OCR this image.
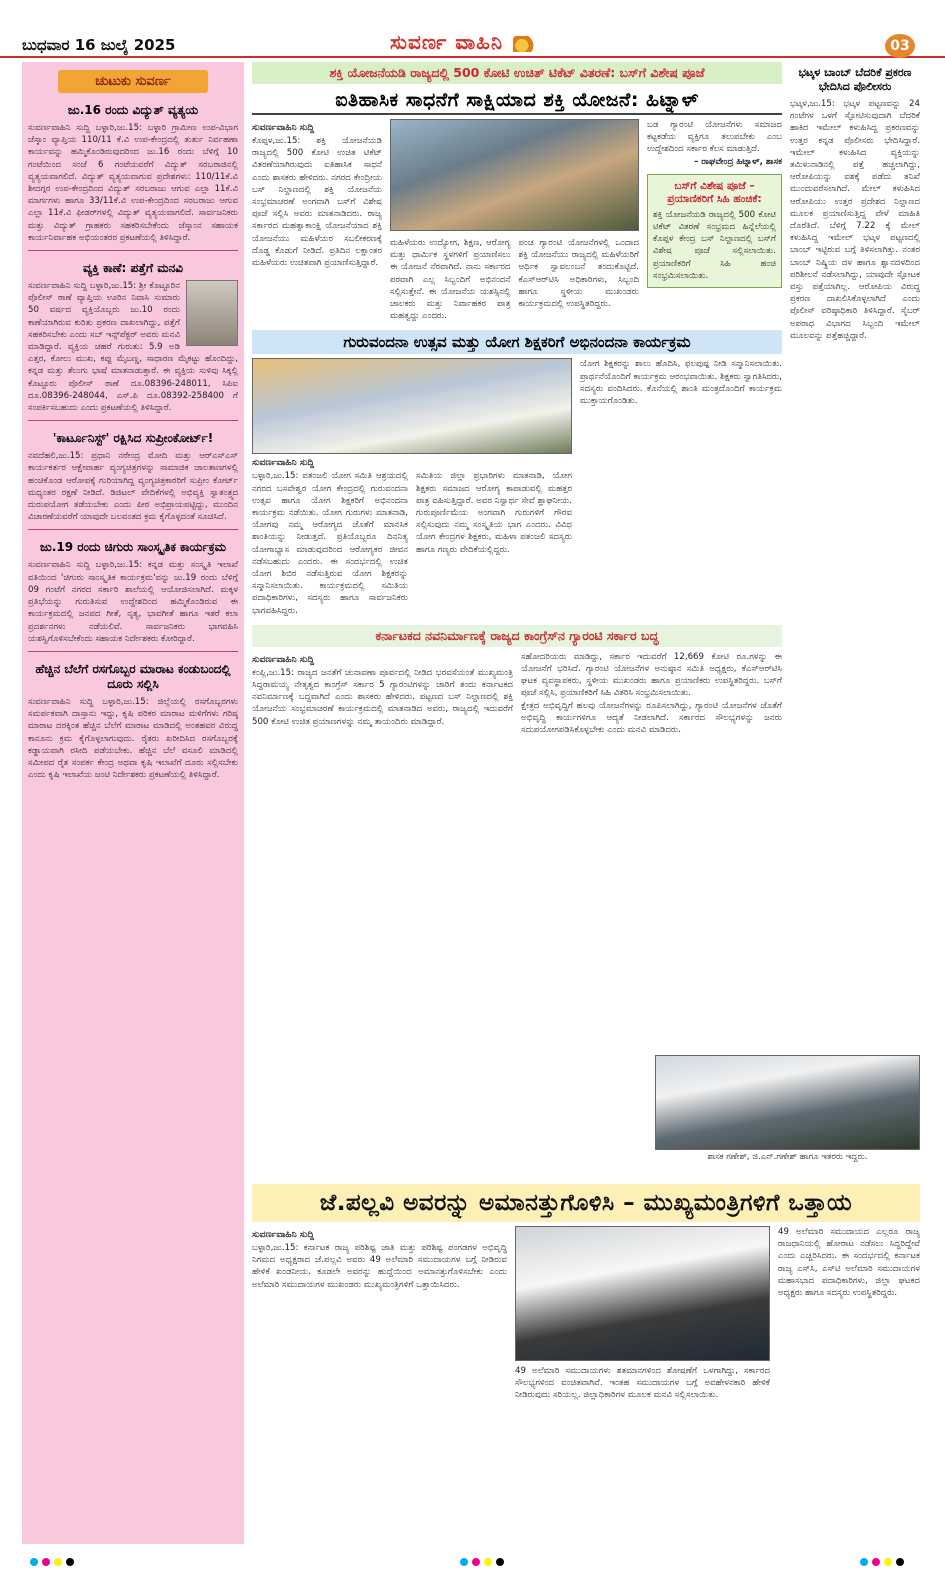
ಬುಧವಾರ 16 ಜುಲೈ 2025	ಸುವರ್ಣ ವಾಹಿನಿ	03
ಚುಟುಕು ಸುವರ್ಣ
ಜು.16 ರಂದು ವಿದ್ಯುತ್ ವ್ಯತ್ಯಯ

ಸುವರ್ಣವಾಹಿನಿ ಸುದ್ದಿ ಬಳ್ಳಾರಿ,ಜು.15: ಬಳ್ಳಾರಿ ಗ್ರಾಮೀಣ ಉಪ-ವಿಭಾಗ ಜೆಸ್ಕಾಂ ವ್ಯಾಪ್ತಿಯ 110/11 ಕೆ.ವಿ ಉಪ-ಕೇಂದ್ರದಲ್ಲಿ ತುರ್ತು ನಿರ್ವಹಣಾ ಕಾರ್ಯವನ್ನು ಹಮ್ಮಿಕೊಂಡಿರುವುದರಿಂದ ಜು.16 ರಂದು ಬೆಳಿಗ್ಗೆ 10 ಗಂಟೆಯಿಂದ ಸಂಜೆ 6 ಗಂಟೆಯವರೆಗೆ ವಿದ್ಯುತ್ ಸರಬರಾಜಿನಲ್ಲಿ ವ್ಯತ್ಯಯವಾಗಲಿದೆ. ವಿದ್ಯುತ್ ವ್ಯತ್ಯಯವಾಗುವ ಪ್ರದೇಶಗಳು: 110/11ಕೆ.ವಿ ಶೀದಗ್ಗರ ಉಪ-ಕೇಂದ್ರದಿಂದ ವಿದ್ಯುತ್ ಸರಬರಾಜು ಆಗುವ ಎಲ್ಲಾ 11ಕೆ.ವಿ ಮಾರ್ಗಗಳು ಹಾಗೂ 33/11ಕೆ.ವಿ ಉಪ-ಕೇಂದ್ರದಿಂದ ಸರಬರಾಜು ಆಗುವ ಎಲ್ಲಾ 11ಕೆ.ವಿ ಫೀಡರ್‌ಗಳಲ್ಲಿ ವಿದ್ಯುತ್ ವ್ಯತ್ಯಯವಾಗಲಿದೆ. ಸಾರ್ವಜನಿಕರು ಮತ್ತು ವಿದ್ಯುತ್ ಗ್ರಾಹಕರು ಸಹಕರಿಸಬೇಕೆಂದು ಜೆಸ್ಕಾಂನ ಸಹಾಯಕ ಕಾರ್ಯನಿರ್ವಾಹಕ ಅಭಿಯಂತರರ ಪ್ರಕಟಣೆಯಲ್ಲಿ ತಿಳಿಸಿದ್ದಾರೆ.

ವ್ಯಕ್ತಿ ಕಾಣೆ: ಪತ್ತೆಗೆ ಮನವಿ

ಸುವರ್ಣವಾಹಿನಿ ಸುದ್ದಿ ಬಳ್ಳಾರಿ,ಜು.15: ಶ್ರೀ ಕೊಟ್ಟೂರಿನ ಪೊಲೀಸ್ ಠಾಣೆ ವ್ಯಾಪ್ತಿಯ ಊರಿನ ನಿವಾಸಿ ಸುಮಾರು 50 ವರ್ಷದ ವ್ಯಕ್ತಿಯೊಬ್ಬರು ಜು.10 ರಂದು ಕಾಣೆಯಾಗಿರುವ ಕುರಿತು ಪ್ರಕರಣ ದಾಖಲಾಗಿದ್ದು, ಪತ್ತೆಗೆ ಸಹಕರಿಸಬೇಕು ಎಂದು ಸಬ್ ಇನ್ಸ್‌ಪೆಕ್ಟರ್ ಅವರು ಮನವಿ ಮಾಡಿದ್ದಾರೆ. ವ್ಯಕ್ತಿಯ ಚಹರೆ ಗುರುತು: 5.9 ಅಡಿ ಎತ್ತರ, ಕೋಲು ಮುಖ, ಕಪ್ಪು ಮೈಬಣ್ಣ, ಸಾಧಾರಣ ಮೈಕಟ್ಟು ಹೊಂದಿದ್ದು, ಕನ್ನಡ ಮತ್ತು ತೆಲುಗು ಭಾಷೆ ಮಾತನಾಡುತ್ತಾರೆ. ಈ ವ್ಯಕ್ತಿಯ ಸುಳಿವು ಸಿಕ್ಕಲ್ಲಿ ಕೊಟ್ಟೂರು ಪೊಲೀಸ್ ಠಾಣೆ ದೂ.08396-248011, ಸಿಪಿಐ ದೂ.08396-248044, ಎಸ್.ಪಿ ದೂ.08392-258400 ಗೆ ಸಂಪರ್ಕಿಸಬಹುದು ಎಂದು ಪ್ರಕಟಣೆಯಲ್ಲಿ ತಿಳಿಸಿದ್ದಾರೆ.

'ಕಾರ್ಟೂನಿಸ್ಟ್' ರಕ್ಷಿಸಿದ ಸುಪ್ರೀಂಕೋರ್ಟ್!

ನವದೆಹಲಿ,ಜು.15: ಪ್ರಧಾನಿ ನರೇಂದ್ರ ಮೋದಿ ಮತ್ತು ಆರ್‌ಎಸ್‌ಎಸ್ ಕಾರ್ಯಕರ್ತರ ಆಕ್ಷೇಪಾರ್ಹ ವ್ಯಂಗ್ಯಚಿತ್ರಗಳನ್ನು ಸಾಮಾಜಿಕ ಜಾಲತಾಣಗಳಲ್ಲಿ ಹಂಚಿಕೊಂಡ ಆರೋಪಕ್ಕೆ ಗುರಿಯಾಗಿದ್ದ ವ್ಯಂಗ್ಯಚಿತ್ರಕಾರರಿಗೆ ಸುಪ್ರೀಂ ಕೋರ್ಟ್ ಮಧ್ಯಂತರ ರಕ್ಷಣೆ ನೀಡಿದೆ. ಡಿಜಿಟಲ್ ವೇದಿಕೆಗಳಲ್ಲಿ ಅಭಿವ್ಯಕ್ತಿ ಸ್ವಾತಂತ್ರ್ಯದ ದುರುಪಯೋಗ ತಡೆಯಬೇಕು ಎಂದು ಪೀಠ ಅಭಿಪ್ರಾಯಪಟ್ಟಿದ್ದು, ಮುಂದಿನ ವಿಚಾರಣೆಯವರೆಗೆ ಯಾವುದೇ ಬಲವಂತದ ಕ್ರಮ ಕೈಗೊಳ್ಳದಂತೆ ಸೂಚಿಸಿದೆ.

ಜು.19 ರಂದು ಚಿಗುರು ಸಾಂಸ್ಕೃತಿಕ ಕಾರ್ಯಕ್ರಮ

ಸುವರ್ಣವಾಹಿನಿ ಸುದ್ದಿ ಬಳ್ಳಾರಿ,ಜು.15: ಕನ್ನಡ ಮತ್ತು ಸಂಸ್ಕೃತಿ ಇಲಾಖೆ ವತಿಯಿಂದ 'ಚಿಗುರು ಸಾಂಸ್ಕೃತಿಕ ಕಾರ್ಯಕ್ರಮ'ವನ್ನು ಜು.19 ರಂದು ಬೆಳಿಗ್ಗೆ 09 ಗಂಟೆಗೆ ನಗರದ ಸರ್ಕಾರಿ ಶಾಲೆಯಲ್ಲಿ ಆಯೋಜಿಸಲಾಗಿದೆ. ಮಕ್ಕಳ ಪ್ರತಿಭೆಯನ್ನು ಗುರುತಿಸುವ ಉದ್ದೇಶದಿಂದ ಹಮ್ಮಿಕೊಂಡಿರುವ ಈ ಕಾರ್ಯಕ್ರಮದಲ್ಲಿ ಜನಪದ ಗೀತೆ, ನೃತ್ಯ, ಭಾವಗೀತೆ ಹಾಗೂ ಇತರೆ ಕಲಾ ಪ್ರದರ್ಶನಗಳು ನಡೆಯಲಿವೆ. ಸಾರ್ವಜನಿಕರು ಭಾಗವಹಿಸಿ ಯಶಸ್ವಿಗೊಳಿಸಬೇಕೆಂದು ಸಹಾಯಕ ನಿರ್ದೇಶಕರು ಕೋರಿದ್ದಾರೆ.

ಹೆಚ್ಚಿನ ಬೆಲೆಗೆ ರಸಗೊಬ್ಬರ ಮಾರಾಟ ಕಂಡುಬಂದಲ್ಲಿ ದೂರು ಸಲ್ಲಿಸಿ

ಸುವರ್ಣವಾಹಿನಿ ಸುದ್ದಿ ಬಳ್ಳಾರಿ,ಜು.15: ಜಿಲ್ಲೆಯಲ್ಲಿ ರಸಗೊಬ್ಬರಗಳು ಸಮರ್ಪಕವಾಗಿ ದಾಸ್ತಾನು ಇದ್ದು, ಕೃಷಿ ಪರಿಕರ ಮಾರಾಟ ಮಳಿಗೆಗಳು ಗರಿಷ್ಠ ಮಾರಾಟ ದರಕ್ಕಿಂತ ಹೆಚ್ಚಿನ ಬೆಲೆಗೆ ಮಾರಾಟ ಮಾಡಿದಲ್ಲಿ ಅಂತಹವರ ವಿರುದ್ಧ ಕಾನೂನು ಕ್ರಮ ಕೈಗೊಳ್ಳಲಾಗುವುದು. ರೈತರು ಖರೀದಿಸಿದ ರಸಗೊಬ್ಬರಕ್ಕೆ ಕಡ್ಡಾಯವಾಗಿ ರಸೀದಿ ಪಡೆಯಬೇಕು. ಹೆಚ್ಚಿನ ಬೆಲೆ ವಸೂಲಿ ಮಾಡಿದಲ್ಲಿ ಸಮೀಪದ ರೈತ ಸಂಪರ್ಕ ಕೇಂದ್ರ ಅಥವಾ ಕೃಷಿ ಇಲಾಖೆಗೆ ದೂರು ಸಲ್ಲಿಸಬೇಕು ಎಂದು ಕೃಷಿ ಇಲಾಖೆಯ ಜಂಟಿ ನಿರ್ದೇಶಕರು ಪ್ರಕಟಣೆಯಲ್ಲಿ ತಿಳಿಸಿದ್ದಾರೆ.

ಶಕ್ತಿ ಯೋಜನೆಯಡಿ ರಾಜ್ಯದಲ್ಲಿ 500 ಕೋಟಿ ಉಚಿತ್ ಟಿಕೆಟ್ ವಿತರಣೆ: ಬಸ್‌ಗೆ ವಿಶೇಷ ಪೂಜೆ
ಐತಿಹಾಸಿಕ ಸಾಧನೆಗೆ ಸಾಕ್ಷಿಯಾದ ಶಕ್ತಿ ಯೋಜನೆ: ಹಿಟ್ನಾಳ್
ಸುವರ್ಣವಾಹಿನಿ ಸುದ್ದಿ

ಕೊಪ್ಪಳ,ಜು.15: ಶಕ್ತಿ ಯೋಜನೆಯಡಿ ರಾಜ್ಯದಲ್ಲಿ 500 ಕೋಟಿ ಉಚಿತ ಟಿಕೆಟ್ ವಿತರಣೆಯಾಗಿರುವುದು ಐತಿಹಾಸಿಕ ಸಾಧನೆ ಎಂದು ಶಾಸಕರು ಹೇಳಿದರು. ನಗರದ ಕೇಂದ್ರೀಯ ಬಸ್ ನಿಲ್ದಾಣದಲ್ಲಿ ಶಕ್ತಿ ಯೋಜನೆಯ ಸಂಭ್ರಮಾಚರಣೆ ಅಂಗವಾಗಿ ಬಸ್‌ಗೆ ವಿಶೇಷ ಪೂಜೆ ಸಲ್ಲಿಸಿ ಅವರು ಮಾತನಾಡಿದರು. ರಾಜ್ಯ ಸರ್ಕಾರದ ಮಹತ್ವಾಕಾಂಕ್ಷಿ ಯೋಜನೆಯಾದ ಶಕ್ತಿ ಯೋಜನೆಯು ಮಹಿಳೆಯರ ಸಬಲೀಕರಣಕ್ಕೆ ದೊಡ್ಡ ಕೊಡುಗೆ ನೀಡಿದೆ. ಪ್ರತಿದಿನ ಲಕ್ಷಾಂತರ ಮಹಿಳೆಯರು ಉಚಿತವಾಗಿ ಪ್ರಯಾಣಿಸುತ್ತಿದ್ದಾರೆ.

ಮಹಿಳೆಯರು ಉದ್ಯೋಗ, ಶಿಕ್ಷಣ, ಆರೋಗ್ಯ ಮತ್ತು ಧಾರ್ಮಿಕ ಸ್ಥಳಗಳಿಗೆ ಪ್ರಯಾಣಿಸಲು ಈ ಯೋಜನೆ ನೆರವಾಗಿದೆ. ನಾನು ಸರ್ಕಾರದ ಪರವಾಗಿ ಎಲ್ಲ ಸಿಬ್ಬಂದಿಗೆ ಅಭಿನಂದನೆ ಸಲ್ಲಿಸುತ್ತೇನೆ. ಈ ಯೋಜನೆಯ ಯಶಸ್ಸಿನಲ್ಲಿ ಚಾಲಕರು ಮತ್ತು ನಿರ್ವಾಹಕರ ಪಾತ್ರ ಮಹತ್ವದ್ದು ಎಂದರು.

ಪಂಚ ಗ್ಯಾರಂಟಿ ಯೋಜನೆಗಳಲ್ಲಿ ಒಂದಾದ ಶಕ್ತಿ ಯೋಜನೆಯು ರಾಜ್ಯದಲ್ಲಿ ಮಹಿಳೆಯರಿಗೆ ಆರ್ಥಿಕ ಸ್ವಾವಲಂಬನೆ ತಂದುಕೊಟ್ಟಿದೆ. ಕೆಎಸ್‌ಆರ್‌ಟಿಸಿ ಅಧಿಕಾರಿಗಳು, ಸಿಬ್ಬಂದಿ ಹಾಗೂ ಸ್ಥಳೀಯ ಮುಖಂಡರು ಕಾರ್ಯಕ್ರಮದಲ್ಲಿ ಉಪಸ್ಥಿತರಿದ್ದರು.

ಬಡ ಗ್ಯಾರಂಟಿ ಯೋಜನೆಗಳು ಸಮಾಜದ ಕಟ್ಟಕಡೆಯ ವ್ಯಕ್ತಿಗೂ ತಲುಪಬೇಕು ಎಂಬ ಉದ್ದೇಶದಿಂದ ಸರ್ಕಾರ ಕೆಲಸ ಮಾಡುತ್ತಿದೆ.

– ರಾಘವೇಂದ್ರ ಹಿಟ್ನಾಳ್, ಶಾಸಕ

ಬಸ್‌ಗೆ ವಿಶೇಷ ಪೂಜೆ – ಪ್ರಯಾಣಿಕರಿಗೆ ಸಿಹಿ ಹಂಚಿಕೆ:

ಶಕ್ತಿ ಯೋಜನೆಯಡಿ ರಾಜ್ಯದಲ್ಲಿ 500 ಕೋಟಿ ಟಿಕೆಟ್ ವಿತರಣೆ ಸಂಭ್ರಮದ ಹಿನ್ನೆಲೆಯಲ್ಲಿ ಕೊಪ್ಪಳ ಕೇಂದ್ರ ಬಸ್ ನಿಲ್ದಾಣದಲ್ಲಿ ಬಸ್‌ಗೆ ವಿಶೇಷ ಪೂಜೆ ಸಲ್ಲಿಸಲಾಯಿತು. ಪ್ರಯಾಣಿಕರಿಗೆ ಸಿಹಿ ಹಂಚಿ ಸಂಭ್ರಮಿಸಲಾಯಿತು.

ಗುರುವಂದನಾ ಉತ್ಸವ ಮತ್ತು ಯೋಗ ಶಿಕ್ಷಕರಿಗೆ ಅಭಿನಂದನಾ ಕಾರ್ಯಕ್ರಮ
ಸುವರ್ಣವಾಹಿನಿ ಸುದ್ದಿ

ಬಳ್ಳಾರಿ,ಜು.15: ಪತಂಜಲಿ ಯೋಗ ಸಮಿತಿ ಆಶ್ರಯದಲ್ಲಿ ನಗರದ ಬಸವೇಶ್ವರ ಯೋಗ ಕೇಂದ್ರದಲ್ಲಿ ಗುರುವಂದನಾ ಉತ್ಸವ ಹಾಗೂ ಯೋಗ ಶಿಕ್ಷಕರಿಗೆ ಅಭಿನಂದನಾ ಕಾರ್ಯಕ್ರಮ ನಡೆಯಿತು. ಯೋಗ ಗುರುಗಳು ಮಾತನಾಡಿ, ಯೋಗವು ನಮ್ಮ ಆರೋಗ್ಯದ ಜೊತೆಗೆ ಮಾನಸಿಕ ಶಾಂತಿಯನ್ನು ನೀಡುತ್ತದೆ. ಪ್ರತಿಯೊಬ್ಬರೂ ದಿನನಿತ್ಯ ಯೋಗಾಭ್ಯಾಸ ಮಾಡುವುದರಿಂದ ಆರೋಗ್ಯಕರ ಜೀವನ ನಡೆಸಬಹುದು ಎಂದರು. ಈ ಸಂದರ್ಭದಲ್ಲಿ ಉಚಿತ ಯೋಗ ಶಿಬಿರ ನಡೆಸುತ್ತಿರುವ ಯೋಗ ಶಿಕ್ಷಕರನ್ನು ಸನ್ಮಾನಿಸಲಾಯಿತು. ಕಾರ್ಯಕ್ರಮದಲ್ಲಿ ಸಮಿತಿಯ ಪದಾಧಿಕಾರಿಗಳು, ಸದಸ್ಯರು ಹಾಗೂ ಸಾರ್ವಜನಿಕರು ಭಾಗವಹಿಸಿದ್ದರು.

ಸಮಿತಿಯ ಜಿಲ್ಲಾ ಪ್ರಭಾರಿಗಳು ಮಾತನಾಡಿ, ಯೋಗ ಶಿಕ್ಷಕರು ಸಮಾಜದ ಆರೋಗ್ಯ ಕಾಪಾಡುವಲ್ಲಿ ಮಹತ್ತರ ಪಾತ್ರ ವಹಿಸುತ್ತಿದ್ದಾರೆ. ಅವರ ನಿಸ್ವಾರ್ಥ ಸೇವೆ ಶ್ಲಾಘನೀಯ. ಗುರುಪೂರ್ಣಿಮೆಯ ಅಂಗವಾಗಿ ಗುರುಗಳಿಗೆ ಗೌರವ ಸಲ್ಲಿಸುವುದು ನಮ್ಮ ಸಂಸ್ಕೃತಿಯ ಭಾಗ ಎಂದರು. ವಿವಿಧ ಯೋಗ ಕೇಂದ್ರಗಳ ಶಿಕ್ಷಕರು, ಮಹಿಳಾ ಪತಂಜಲಿ ಸದಸ್ಯರು ಹಾಗೂ ಗಣ್ಯರು ವೇದಿಕೆಯಲ್ಲಿದ್ದರು.

ಯೋಗ ಶಿಕ್ಷಕರನ್ನು ಶಾಲು ಹೊದಿಸಿ, ಫಲಪುಷ್ಪ ನೀಡಿ ಸನ್ಮಾನಿಸಲಾಯಿತು. ಪ್ರಾರ್ಥನೆಯೊಂದಿಗೆ ಕಾರ್ಯಕ್ರಮ ಆರಂಭವಾಯಿತು. ಶಿಕ್ಷಕರು ಸ್ವಾಗತಿಸಿದರು, ಸದಸ್ಯರು ವಂದಿಸಿದರು. ಕೊನೆಯಲ್ಲಿ ಶಾಂತಿ ಮಂತ್ರದೊಂದಿಗೆ ಕಾರ್ಯಕ್ರಮ ಮುಕ್ತಾಯಗೊಂಡಿತು.

ಕರ್ನಾಟಕದ ನವನಿರ್ಮಾಣಕ್ಕೆ ರಾಜ್ಯದ ಕಾಂಗ್ರೆಸ್‌ನ ಗ್ಯಾರಂಟಿ ಸರ್ಕಾರ ಬದ್ಧ
ಸುವರ್ಣವಾಹಿನಿ ಸುದ್ದಿ

ಕಂಪ್ಲಿ,ಜು.15: ರಾಜ್ಯದ ಜನತೆಗೆ ಚುನಾವಣಾ ಪೂರ್ವದಲ್ಲಿ ನೀಡಿದ ಭರವಸೆಯಂತೆ ಮುಖ್ಯಮಂತ್ರಿ ಸಿದ್ದರಾಮಯ್ಯ ನೇತೃತ್ವದ ಕಾಂಗ್ರೆಸ್ ಸರ್ಕಾರ 5 ಗ್ಯಾರಂಟಿಗಳನ್ನು ಜಾರಿಗೆ ತಂದು ಕರ್ನಾಟಕದ ನವನಿರ್ಮಾಣಕ್ಕೆ ಬದ್ಧವಾಗಿದೆ ಎಂದು ಶಾಸಕರು ಹೇಳಿದರು. ಪಟ್ಟಣದ ಬಸ್ ನಿಲ್ದಾಣದಲ್ಲಿ ಶಕ್ತಿ ಯೋಜನೆಯ ಸಂಭ್ರಮಾಚರಣೆ ಕಾರ್ಯಕ್ರಮದಲ್ಲಿ ಮಾತನಾಡಿದ ಅವರು, ರಾಜ್ಯದಲ್ಲಿ ಇದುವರೆಗೆ 500 ಕೋಟಿ ಉಚಿತ ಪ್ರಯಾಣಗಳನ್ನು ನಮ್ಮ ತಾಯಂದಿರು ಮಾಡಿದ್ದಾರೆ.

ಸಹೋದರಿಯರು ಮಾಡಿದ್ದು, ಸರ್ಕಾರ ಇದುವರೆಗೆ 12,669 ಕೋಟಿ ರೂ.ಗಳನ್ನು ಈ ಯೋಜನೆಗೆ ಭರಿಸಿದೆ. ಗ್ಯಾರಂಟಿ ಯೋಜನೆಗಳ ಅನುಷ್ಠಾನ ಸಮಿತಿ ಅಧ್ಯಕ್ಷರು, ಕೆಎಸ್‌ಆರ್‌ಟಿಸಿ ಘಟಕ ವ್ಯವಸ್ಥಾಪಕರು, ಸ್ಥಳೀಯ ಮುಖಂಡರು ಹಾಗೂ ಪ್ರಯಾಣಿಕರು ಉಪಸ್ಥಿತರಿದ್ದರು. ಬಸ್‌ಗೆ ಪೂಜೆ ಸಲ್ಲಿಸಿ, ಪ್ರಯಾಣಿಕರಿಗೆ ಸಿಹಿ ವಿತರಿಸಿ ಸಂಭ್ರಮಿಸಲಾಯಿತು.

ಕ್ಷೇತ್ರದ ಅಭಿವೃದ್ಧಿಗೆ ಹಲವು ಯೋಜನೆಗಳನ್ನು ರೂಪಿಸಲಾಗಿದ್ದು, ಗ್ಯಾರಂಟಿ ಯೋಜನೆಗಳ ಜೊತೆಗೆ ಅಭಿವೃದ್ಧಿ ಕಾರ್ಯಗಳಿಗೂ ಆದ್ಯತೆ ನೀಡಲಾಗಿದೆ. ಸರ್ಕಾರದ ಸೌಲಭ್ಯಗಳನ್ನು ಜನರು ಸದುಪಯೋಗಪಡಿಸಿಕೊಳ್ಳಬೇಕು ಎಂದು ಮನವಿ ಮಾಡಿದರು.

ಭಟ್ಕಳ ಬಾಂಬ್ ಬೆದರಿಕೆ ಪ್ರಕರಣ ಭೇದಿಸಿದ ಪೊಲೀಸರು

ಭಟ್ಕಳ,ಜು.15: ಭಟ್ಕಳ ಪಟ್ಟಣವನ್ನು 24 ಗಂಟೆಗಳ ಒಳಗೆ ಸ್ಫೋಟಿಸುವುದಾಗಿ ಬೆದರಿಕೆ ಹಾಕಿದ ಇಮೇಲ್ ಕಳುಹಿಸಿದ್ದ ಪ್ರಕರಣವನ್ನು ಉತ್ತರ ಕನ್ನಡ ಪೊಲೀಸರು ಭೇದಿಸಿದ್ದಾರೆ. ಇಮೇಲ್ ಕಳುಹಿಸಿದ ವ್ಯಕ್ತಿಯನ್ನು ತಮಿಳುನಾಡಿನಲ್ಲಿ ಪತ್ತೆ ಹಚ್ಚಲಾಗಿದ್ದು, ಆರೋಪಿಯನ್ನು ವಶಕ್ಕೆ ಪಡೆದು ತನಿಖೆ ಮುಂದುವರೆಸಲಾಗಿದೆ. ಮೇಲ್ ಕಳುಹಿಸಿದ ಆರೋಪಿಯು ಉತ್ತರ ಪ್ರದೇಶದ ನಿಲ್ದಾಣದ ಮೂಲಕ ಪ್ರಯಾಣಿಸುತ್ತಿದ್ದ ವೇಳೆ ಮಾಹಿತಿ ದೊರೆತಿದೆ. ಬೆಳಿಗ್ಗೆ 7.22 ಕ್ಕೆ ಮೇಲ್ ಕಳುಹಿಸಿದ್ದ ಇಮೇಲ್ ಭಟ್ಕಳ ಪಟ್ಟಣದಲ್ಲಿ ಬಾಂಬ್ ಇಟ್ಟಿರುವ ಬಗ್ಗೆ ತಿಳಿಸಲಾಗಿತ್ತು. ನಂತರ ಬಾಂಬ್ ನಿಷ್ಕ್ರಿಯ ದಳ ಹಾಗೂ ಶ್ವಾನದಳದಿಂದ ಪರಿಶೀಲನೆ ನಡೆಸಲಾಗಿದ್ದು, ಯಾವುದೇ ಸ್ಫೋಟಕ ವಸ್ತು ಪತ್ತೆಯಾಗಿಲ್ಲ. ಆರೋಪಿಯ ವಿರುದ್ಧ ಪ್ರಕರಣ ದಾಖಲಿಸಿಕೊಳ್ಳಲಾಗಿದೆ ಎಂದು ಪೊಲೀಸ್ ವರಿಷ್ಠಾಧಿಕಾರಿ ತಿಳಿಸಿದ್ದಾರೆ. ಸೈಬರ್ ಅಪರಾಧ ವಿಭಾಗದ ಸಿಬ್ಬಂದಿ ಇಮೇಲ್ ಮೂಲವನ್ನು ಪತ್ತೆಹಚ್ಚಿದ್ದಾರೆ.

ಶಾಸಕ ಗಣೇಶ್, ಜಿ.ಎನ್.ಗಣೇಶ್ ಹಾಗೂ ಇತರರು ಇದ್ದರು.
ಜೆ.ಪಲ್ಲವಿ ಅವರನ್ನು ಅಮಾನತ್ತುಗೊಳಿಸಿ – ಮುಖ್ಯಮಂತ್ರಿಗಳಿಗೆ ಒತ್ತಾಯ
ಸುವರ್ಣವಾಹಿನಿ ಸುದ್ದಿ

ಬಳ್ಳಾರಿ,ಜು.15: ಕರ್ನಾಟಕ ರಾಜ್ಯ ಪರಿಶಿಷ್ಟ ಜಾತಿ ಮತ್ತು ಪರಿಶಿಷ್ಟ ಪಂಗಡಗಳ ಅಭಿವೃದ್ಧಿ ನಿಗಮದ ಅಧ್ಯಕ್ಷರಾದ ಜೆ.ಪಲ್ಲವಿ ಅವರು 49 ಅಲೆಮಾರಿ ಸಮುದಾಯಗಳ ಬಗ್ಗೆ ನೀಡಿರುವ ಹೇಳಿಕೆ ಖಂಡನೀಯ. ಕೂಡಲೇ ಅವರನ್ನು ಹುದ್ದೆಯಿಂದ ಅಮಾನತ್ತುಗೊಳಿಸಬೇಕು ಎಂದು ಅಲೆಮಾರಿ ಸಮುದಾಯಗಳ ಮುಖಂಡರು ಮುಖ್ಯಮಂತ್ರಿಗಳಿಗೆ ಒತ್ತಾಯಿಸಿದರು.

49 ಅಲೆಮಾರಿ ಸಮುದಾಯಗಳು ಶತಮಾನಗಳಿಂದ ಶೋಷಣೆಗೆ ಒಳಗಾಗಿದ್ದು, ಸರ್ಕಾರದ ಸೌಲಭ್ಯಗಳಿಂದ ವಂಚಿತವಾಗಿವೆ. ಇಂತಹ ಸಮುದಾಯಗಳ ಬಗ್ಗೆ ಅವಹೇಳನಕಾರಿ ಹೇಳಿಕೆ ನೀಡಿರುವುದು ಸರಿಯಲ್ಲ. ಜಿಲ್ಲಾಧಿಕಾರಿಗಳ ಮೂಲಕ ಮನವಿ ಸಲ್ಲಿಸಲಾಯಿತು.

49 ಅಲೆಮಾರಿ ಸಮುದಾಯದ ಎಲ್ಲರೂ ರಾಜ್ಯ ರಾಜಧಾನಿಯಲ್ಲಿ ಹೋರಾಟ ನಡೆಸಲು ಸಿದ್ಧರಿದ್ದೇವೆ ಎಂದು ಎಚ್ಚರಿಸಿದರು. ಈ ಸಂದರ್ಭದಲ್ಲಿ ಕರ್ನಾಟಕ ರಾಜ್ಯ ಎಸ್‌ಸಿ, ಎಸ್‌ಟಿ ಅಲೆಮಾರಿ ಸಮುದಾಯಗಳ ಮಹಾಸಭಾದ ಪದಾಧಿಕಾರಿಗಳು, ಜಿಲ್ಲಾ ಘಟಕದ ಅಧ್ಯಕ್ಷರು ಹಾಗೂ ಸದಸ್ಯರು ಉಪಸ್ಥಿತರಿದ್ದರು.
